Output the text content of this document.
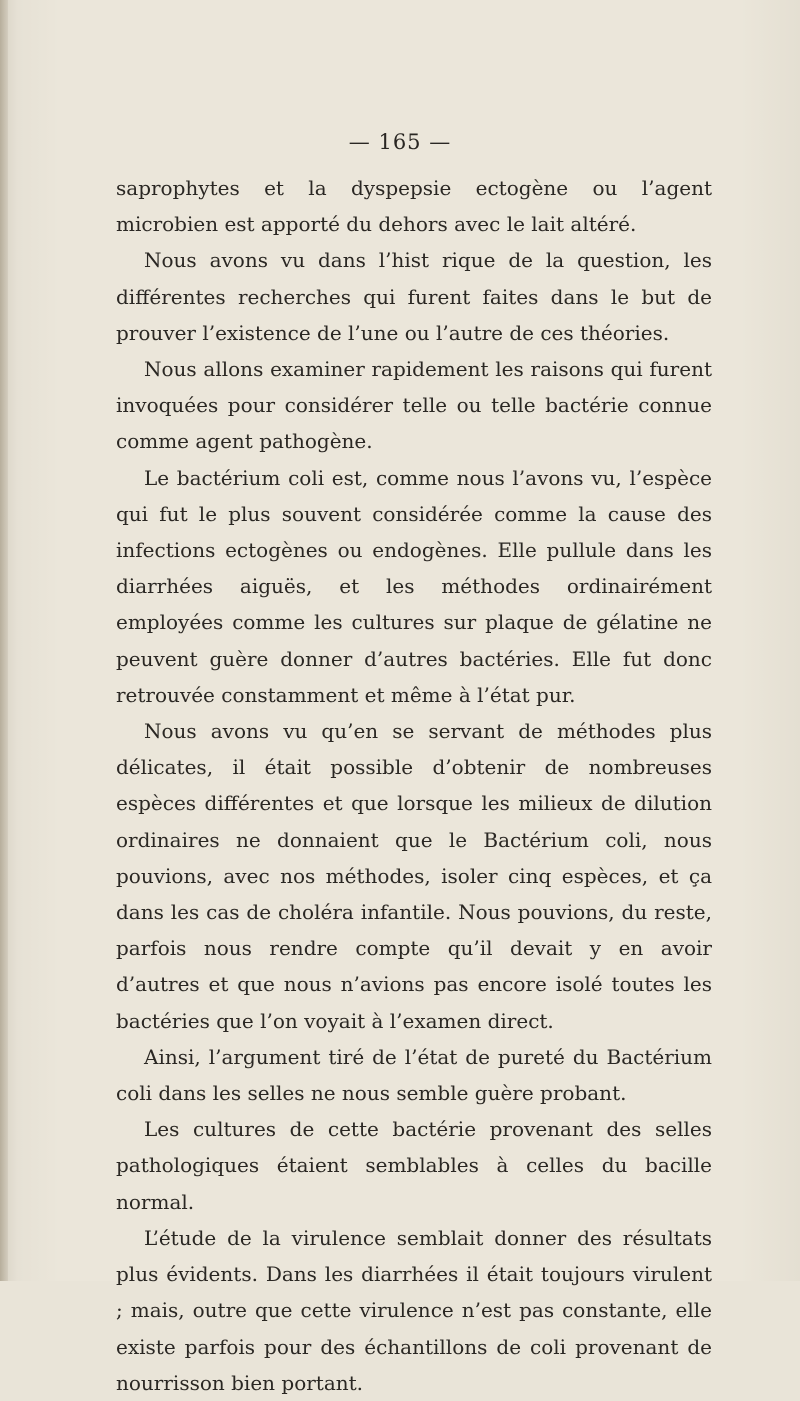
— 165 —

saprophytes et la dyspepsie ectogène ou l’agent microbien est apporté du dehors avec le lait altéré.

Nous avons vu dans l’hist rique de la question, les différentes recherches qui furent faites dans le but de prouver l’existence de l’une ou l’autre de ces théories.

Nous allons examiner rapidement les raisons qui furent invoquées pour considérer telle ou telle bactérie connue comme agent pathogène.

Le bactérium coli est, comme nous l’avons vu, l’espèce qui fut le plus souvent considérée comme la cause des infections ectogènes ou endogènes. Elle pullule dans les diarrhées aiguës, et les méthodes ordinairément employées comme les cultures sur plaque de gélatine ne peuvent guère donner d’autres bactéries. Elle fut donc retrouvée constamment et même à l’état pur.

Nous avons vu qu’en se servant de méthodes plus délicates, il était possible d’obtenir de nombreuses espèces différentes et que lorsque les milieux de dilution ordinaires ne donnaient que le Bactérium coli, nous pouvions, avec nos méthodes, isoler cinq espèces, et ça dans les cas de choléra infantile. Nous pouvions, du reste, parfois nous rendre compte qu’il devait y en avoir d’autres et que nous n’avions pas encore isolé toutes les bactéries que l’on voyait à l’examen direct.

Ainsi, l’argument tiré de l’état de pureté du Bactérium coli dans les selles ne nous semble guère probant.

Les cultures de cette bactérie provenant des selles pathologiques étaient semblables à celles du bacille normal.

L’étude de la virulence semblait donner des résultats plus évidents. Dans les diarrhées il était toujours virulent ; mais, outre que cette virulence n’est pas constante, elle existe parfois pour des échantillons de coli provenant de nourrisson bien portant.
